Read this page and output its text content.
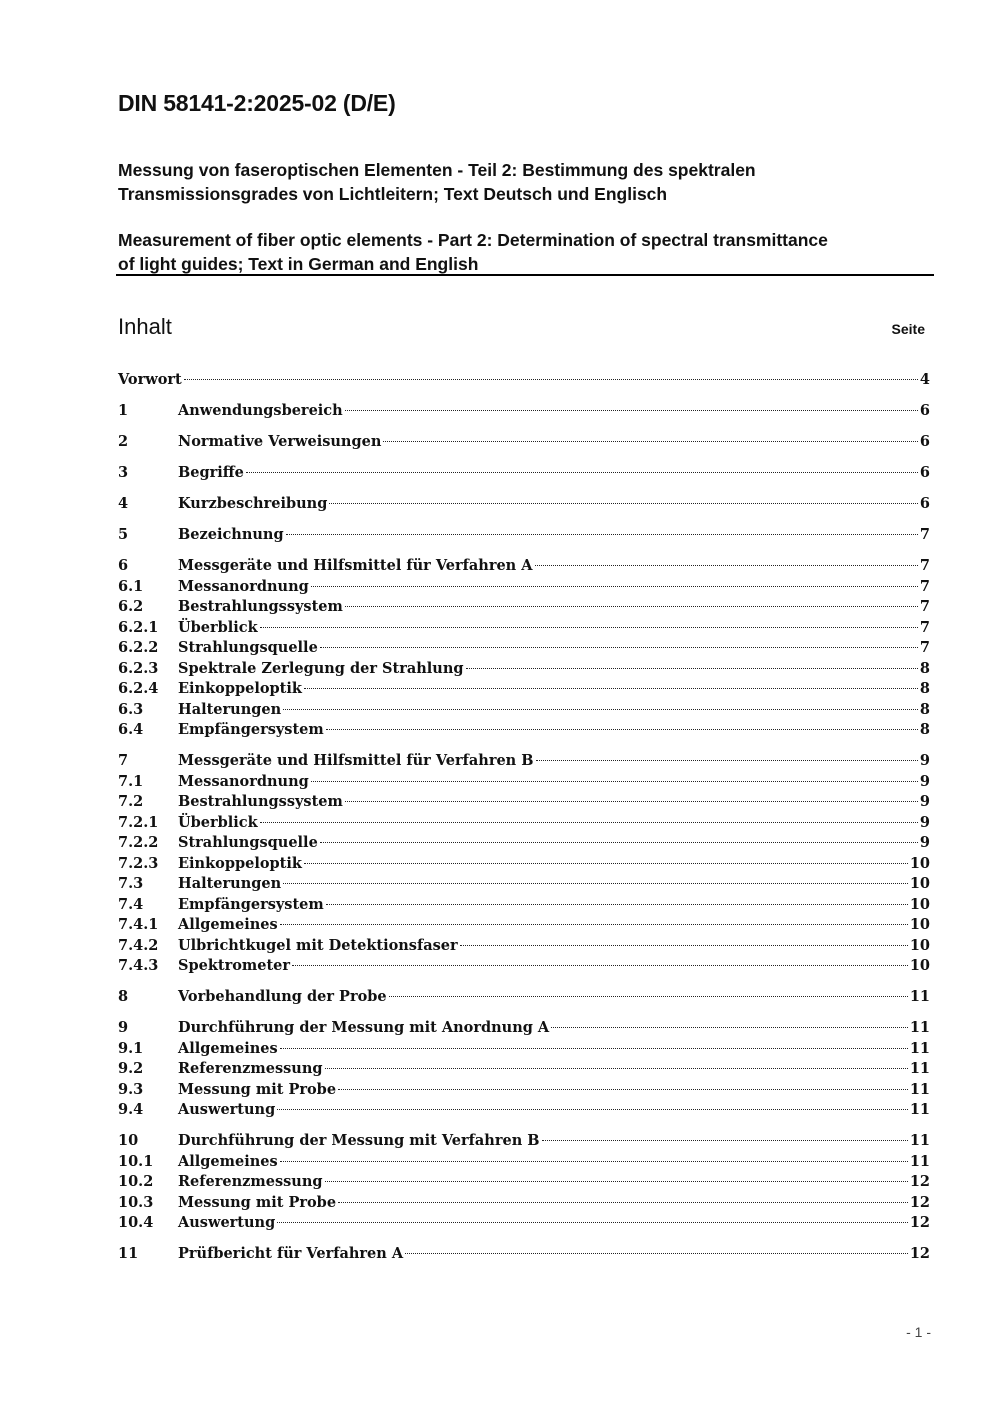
DIN 58141-2:2025-02 (D/E)
Messung von faseroptischen Elementen - Teil 2: Bestimmung des spektralen
Transmissionsgrades von Lichtleitern; Text Deutsch und Englisch
Measurement of fiber optic elements - Part 2: Determination of spectral transmittance
of light guides; Text in German and English
Inhalt	Seite
Vorwort	4
1	Anwendungsbereich	6
2	Normative Verweisungen	6
3	Begriffe	6
4	Kurzbeschreibung	6
5	Bezeichnung	7
6	Messgeräte und Hilfsmittel für Verfahren A	7
6.1	Messanordnung	7
6.2	Bestrahlungssystem	7
6.2.1	Überblick	7
6.2.2	Strahlungsquelle	7
6.2.3	Spektrale Zerlegung der Strahlung	8
6.2.4	Einkoppeloptik	8
6.3	Halterungen	8
6.4	Empfängersystem	8
7	Messgeräte und Hilfsmittel für Verfahren B	9
7.1	Messanordnung	9
7.2	Bestrahlungssystem	9
7.2.1	Überblick	9
7.2.2	Strahlungsquelle	9
7.2.3	Einkoppeloptik	10
7.3	Halterungen	10
7.4	Empfängersystem	10
7.4.1	Allgemeines	10
7.4.2	Ulbrichtkugel mit Detektionsfaser	10
7.4.3	Spektrometer	10
8	Vorbehandlung der Probe	11
9	Durchführung der Messung mit Anordnung A	11
9.1	Allgemeines	11
9.2	Referenzmessung	11
9.3	Messung mit Probe	11
9.4	Auswertung	11
10	Durchführung der Messung mit Verfahren B	11
10.1	Allgemeines	11
10.2	Referenzmessung	12
10.3	Messung mit Probe	12
10.4	Auswertung	12
11	Prüfbericht für Verfahren A	12
- 1 -
